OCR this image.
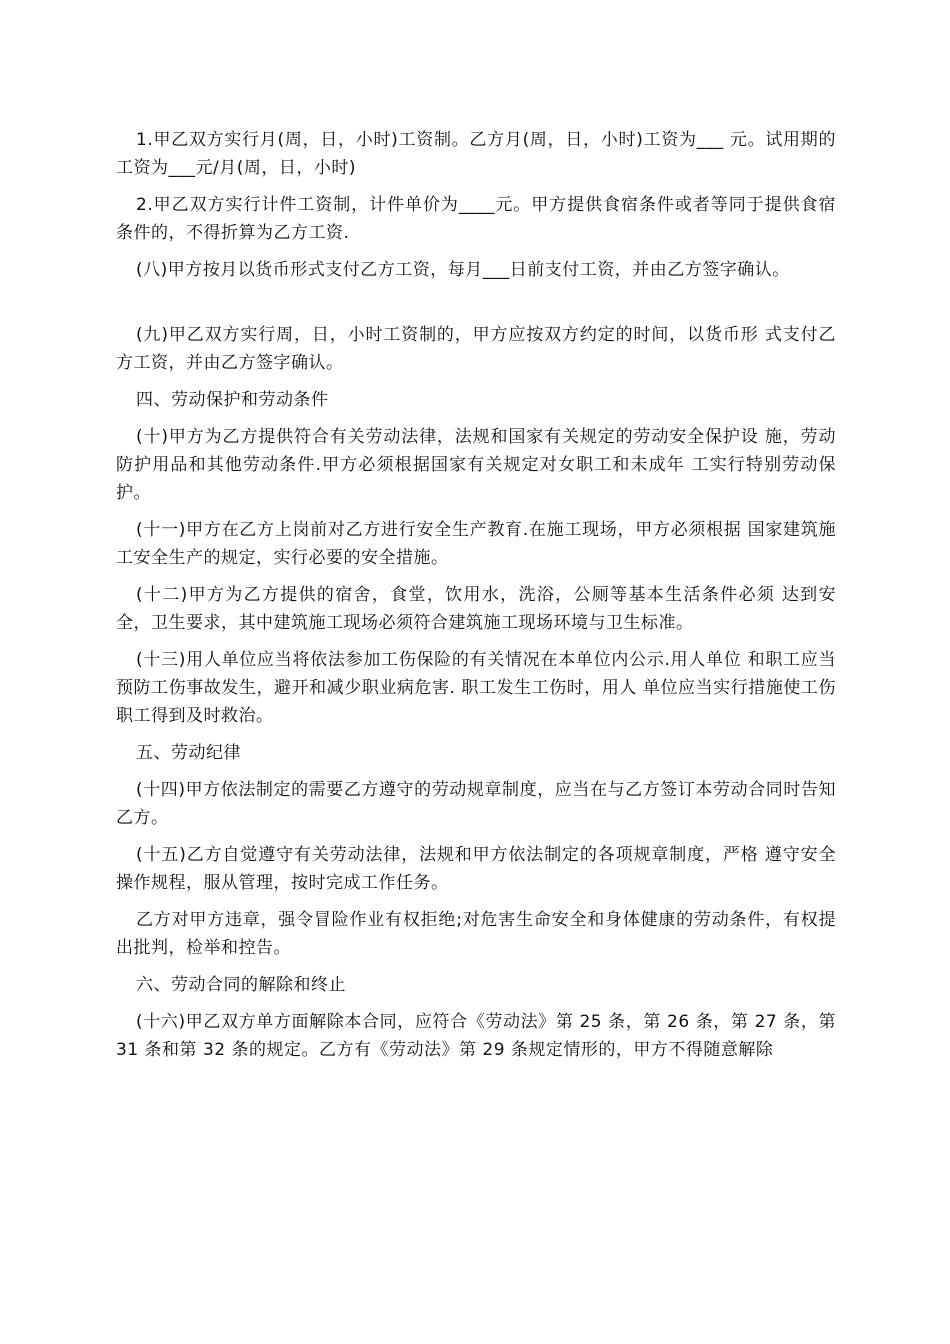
1.甲乙双方实行月(周，日，小时)工资制。乙方月(周，日，小时)工资为___ 元。试用期的工资为___元/月(周，日，小时)

2.甲乙双方实行计件工资制，计件单价为____元。甲方提供食宿条件或者等同于提供食宿条件的，不得折算为乙方工资.

(八)甲方按月以货币形式支付乙方工资，每月___日前支付工资，并由乙方签字确认。

(九)甲乙双方实行周，日，小时工资制的，甲方应按双方约定的时间，以货币形 式支付乙方工资，并由乙方签字确认。

四、劳动保护和劳动条件

(十)甲方为乙方提供符合有关劳动法律，法规和国家有关规定的劳动安全保护设 施，劳动防护用品和其他劳动条件.甲方必须根据国家有关规定对女职工和未成年 工实行特别劳动保护。

(十一)甲方在乙方上岗前对乙方进行安全生产教育.在施工现场，甲方必须根据 国家建筑施工安全生产的规定，实行必要的安全措施。

(十二)甲方为乙方提供的宿舍，食堂，饮用水，洗浴，公厕等基本生活条件必须 达到安全，卫生要求，其中建筑施工现场必须符合建筑施工现场环境与卫生标准。

(十三)用人单位应当将依法参加工伤保险的有关情况在本单位内公示.用人单位 和职工应当预防工伤事故发生，避开和减少职业病危害. 职工发生工伤时，用人 单位应当实行措施使工伤职工得到及时救治。

五、劳动纪律

(十四)甲方依法制定的需要乙方遵守的劳动规章制度，应当在与乙方签订本劳动合同时告知乙方。

(十五)乙方自觉遵守有关劳动法律，法规和甲方依法制定的各项规章制度，严格 遵守安全操作规程，服从管理，按时完成工作任务。

乙方对甲方违章，强令冒险作业有权拒绝;对危害生命安全和身体健康的劳动条件，有权提出批判，检举和控告。

六、劳动合同的解除和终止

(十六)甲乙双方单方面解除本合同，应符合《劳动法》第 25 条，第 26 条，第 27 条，第 31 条和第 32 条的规定。乙方有《劳动法》第 29 条规定情形的，甲方不得随意解除
